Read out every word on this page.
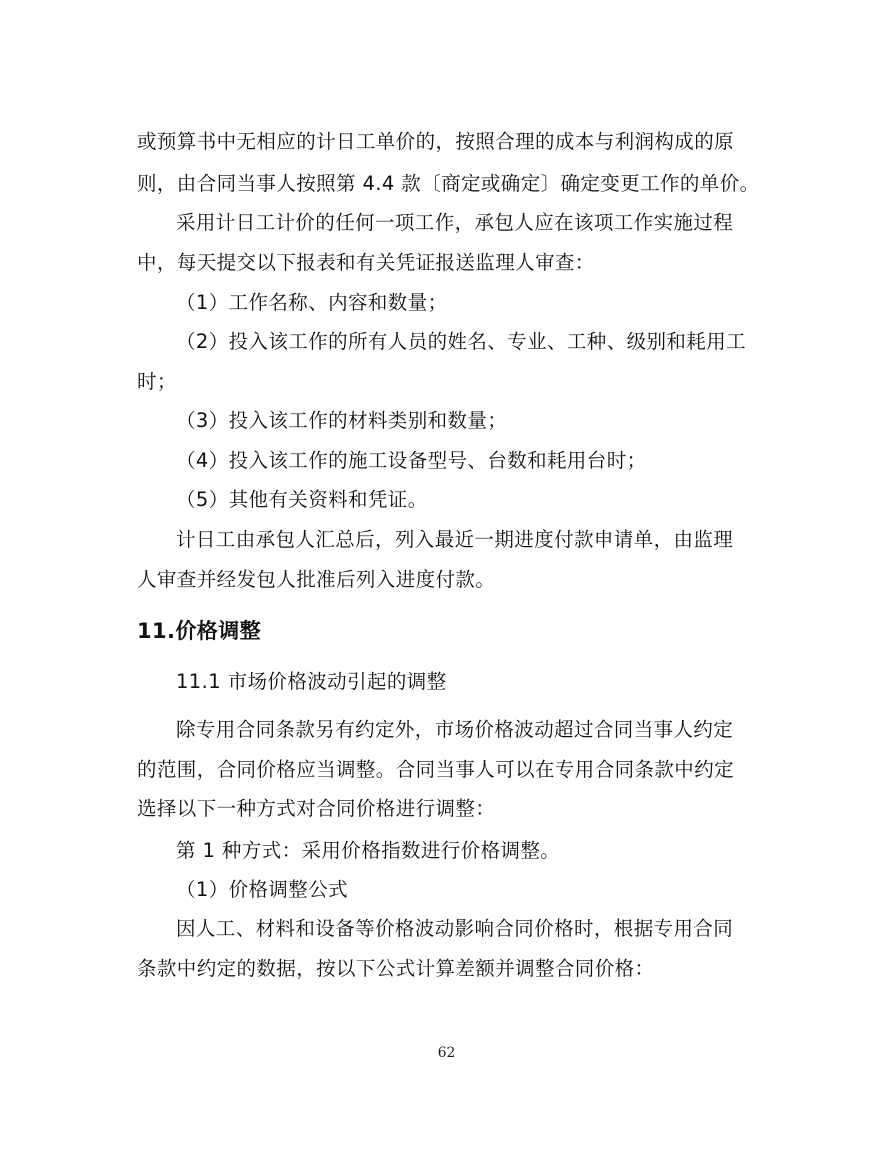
或预算书中无相应的计日工单价的，按照合理的成本与利润构成的原
则，由合同当事人按照第 4.4 款〔商定或确定〕确定变更工作的单价。
采用计日工计价的任何一项工作，承包人应在该项工作实施过程
中，每天提交以下报表和有关凭证报送监理人审查：
（1）工作名称、内容和数量；
（2）投入该工作的所有人员的姓名、专业、工种、级别和耗用工
时；
（3）投入该工作的材料类别和数量；
（4）投入该工作的施工设备型号、台数和耗用台时；
（5）其他有关资料和凭证。
计日工由承包人汇总后，列入最近一期进度付款申请单，由监理
人审查并经发包人批准后列入进度付款。
11.价格调整
11.1 市场价格波动引起的调整
除专用合同条款另有约定外，市场价格波动超过合同当事人约定
的范围，合同价格应当调整。合同当事人可以在专用合同条款中约定
选择以下一种方式对合同价格进行调整：
第 1 种方式：采用价格指数进行价格调整。
（1）价格调整公式
因人工、材料和设备等价格波动影响合同价格时，根据专用合同
条款中约定的数据，按以下公式计算差额并调整合同价格：
62
